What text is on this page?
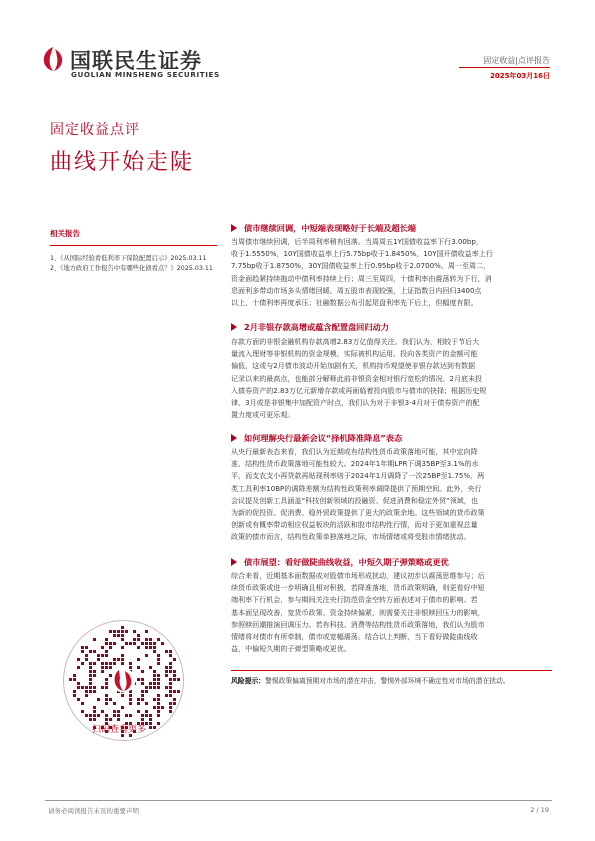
国联民生证券
GUOLIAN MINSHENG SECURITIES
固定收益|点评报告
2025年03月16日
固定收益点评
曲线开始走陡
相关报告
1、《从国际经验看低利率下保险配置启示》2025.03.11
2、《地方政府工作报告中有哪些化债看点？》2025.03.11
扫码查看更多
债市继续回调，中短端表现略好于长端及超长端
当周债市继续回调，后半周利率稍有回落。当周周五1Y国债收益率下行3.00bp，
收于1.5550%，10Y国债收益率上行5.75bp收于1.8450%，10Y国开债收益率上行
7.75bp收于1.8750%，30Y国债收益率上行0.95bp收于2.0700%。周一至周二，
资金面趋紧持续拖动中债利率持续上行；周三至周四，十债利率由震荡转为下行，消
息面利多带动市场多头情绪回暖。周五股市表现较强，上证指数日内回归3400点
以上，十债利率再度承压；社融数据公布引起尾盘利率先下后上，但幅度有限。
2月非银存款高增或蕴含配置盘回归动力
存款方面的非银金融机构存款高增2.83万亿值得关注。我们认为，相较于节后大
量流入理财等非银机构的资金规模，实际被机构运用、投向各类资产的金额可能
偏低，这或与2月债市波动开始加剧有关，机构持币观望使非银存款达到有数据
记录以来的最高点，也能部分解释此前非银资金相对银行宽松的情况。2月底未投
入债券资产的2.83万亿元新增存款或再面临着投向股市与债市的抉择；根据历史规
律，3月或是非银集中加配资产时点，我们认为对于非银3-4月对于债券资产的配
置力度或可更乐观。
如何理解央行最新会议“择机降准降息”表态
从央行最新表态来看，我们认为近期或有结构性货币政策落地可能，其中定向降
准、结构性货币政策落地可能性较大。2024年1年期LPR下调35BP至3.1%的水
平，而支农支小再贷款再贴现利率则于2024年1月调降了一次25BP至1.75%，两
类工具利率10BP的调降差额为结构性政策利率调降提供了预期空间。此外，央行
会议提及创新工具涵盖“科技创新领域的投融资、促进消费和稳定外贸”领域，也
为新的促投资、促消费、稳外贸政策提供了更大的政策余地。这些领域的货币政策
创新或有概率带动相应权益板块的活跃和股市结构性行情，而对于更加重视总量
政策的债市而言，结构性政策单独落地之际，市场情绪或将受股市情绪扰动。
债市展望：看好做陡曲线收益，中短久期子弹策略或更优
综合来看，近期基本面数据或对股债市场形成扰动，建议初步以震荡思维参与；后
续货币政策或进一步明确且相对积极，若降准落地，货币政策明确，则更看好中短
端利率下行机会，参与期间关注央行防范资金空转方面表述对于债市的影响。若
基本面呈现改善，宽货币政策、资金持续偏紧，则需要关注非银赎回压力的影响，
参照赎回潮推演回调压力。若有科技、消费等结构性货币政策落地，我们认为股市
情绪将对债市有所牵制，债市或宽幅震荡。结合以上判断，当下看好做陡曲线收
益，中偏短久期的子弹型策略或更优。
风险提示：警惕政策偏离预期对市场的潜在冲击，警惕外部环境不确定性对市场的潜在扰动。
请务必阅读报告末页的重要声明	2 / 19
